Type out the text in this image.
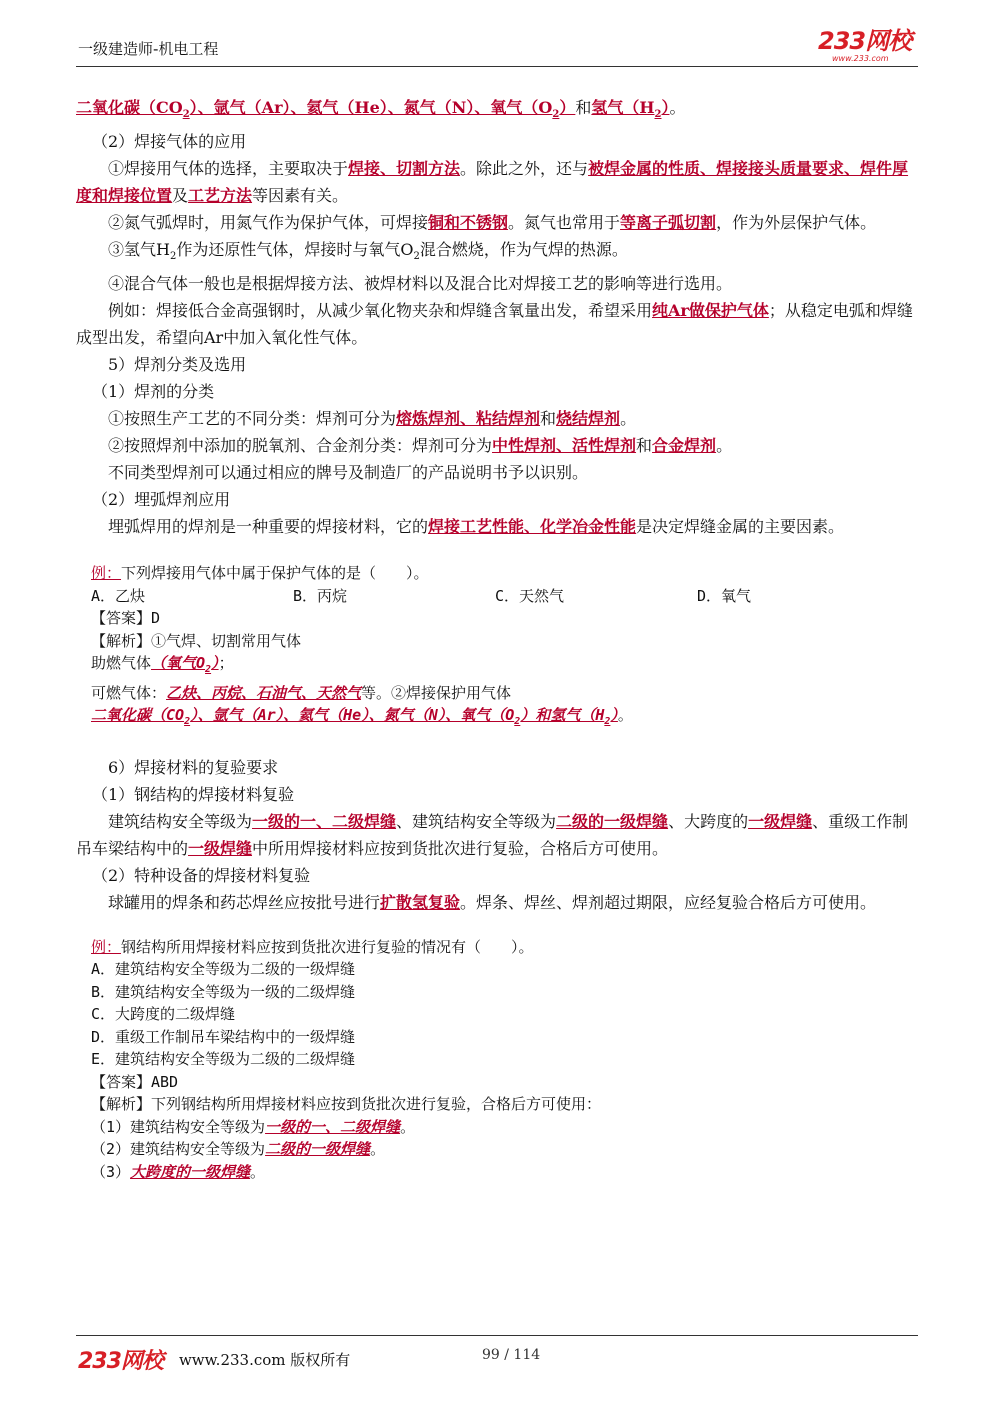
一级建造师-机电工程	233网校
www.233.com

二氧化碳$(CO_2)$、氩气（Ar）、氦气（He）、氮气（N）、氧气$(O_2)$和氢气$(H_2)$。

（2）焊接气体的应用

①焊接用气体的选择，主要取决于焊接、切割方法。除此之外，还与被焊金属的性质、焊接接头质量要求、焊件厚度和焊接位置及工艺方法等因素有关。

②氮气弧焊时，用氮气作为保护气体，可焊接铜和不锈钢。氮气也常用于等离子弧切割，作为外层保护气体。

③氢气$H_2$作为还原性气体，焊接时与氧气$O_2$混合燃烧，作为气焊的热源。

④混合气体一般也是根据焊接方法、被焊材料以及混合比对焊接工艺的影响等进行选用。

例如：焊接低合金高强钢时，从减少氧化物夹杂和焊缝含氧量出发，希望采用纯Ar做保护气体；从稳定电弧和焊缝成型出发，希望向Ar中加入氧化性气体。

5）焊剂分类及选用

（1）焊剂的分类

①按照生产工艺的不同分类：焊剂可分为熔炼焊剂、粘结焊剂和烧结焊剂。

②按照焊剂中添加的脱氧剂、合金剂分类：焊剂可分为中性焊剂、活性焊剂和合金焊剂。

不同类型焊剂可以通过相应的牌号及制造厂的产品说明书予以识别。

（2）埋弧焊剂应用

埋弧焊用的焊剂是一种重要的焊接材料，它的焊接工艺性能、化学冶金性能是决定焊缝金属的主要因素。

例：下列焊接用气体中属于保护气体的是（　　）。

A．乙炔	B．丙烷	C．天然气	D．氧气

【答案】D

【解析】①气焊、切割常用气体

助燃气体（氧气$O_2$）；

可燃气体：乙炔、丙烷、石油气、天然气等。②焊接保护用气体

二氧化碳$(CO_2)$、氩气（Ar）、氦气（He）、氮气（N）、氧气$(O_2)$和氢气$(H_2)$。

6）焊接材料的复验要求

（1）钢结构的焊接材料复验

建筑结构安全等级为一级的一、二级焊缝、建筑结构安全等级为二级的一级焊缝、大跨度的一级焊缝、重级工作制吊车梁结构中的一级焊缝中所用焊接材料应按到货批次进行复验，合格后方可使用。

（2）特种设备的焊接材料复验

球罐用的焊条和药芯焊丝应按批号进行扩散氢复验。焊条、焊丝、焊剂超过期限，应经复验合格后方可使用。

例：钢结构所用焊接材料应按到货批次进行复验的情况有（　　）。

A．建筑结构安全等级为二级的一级焊缝

B．建筑结构安全等级为一级的二级焊缝

C．大跨度的二级焊缝

D．重级工作制吊车梁结构中的一级焊缝

E．建筑结构安全等级为二级的二级焊缝

【答案】ABD

【解析】下列钢结构所用焊接材料应按到货批次进行复验，合格后方可使用：

（1）建筑结构安全等级为一级的一、二级焊缝。

（2）建筑结构安全等级为二级的一级焊缝。

（3）大跨度的一级焊缝。

233网校 www.233.com 版权所有	99 / 114
